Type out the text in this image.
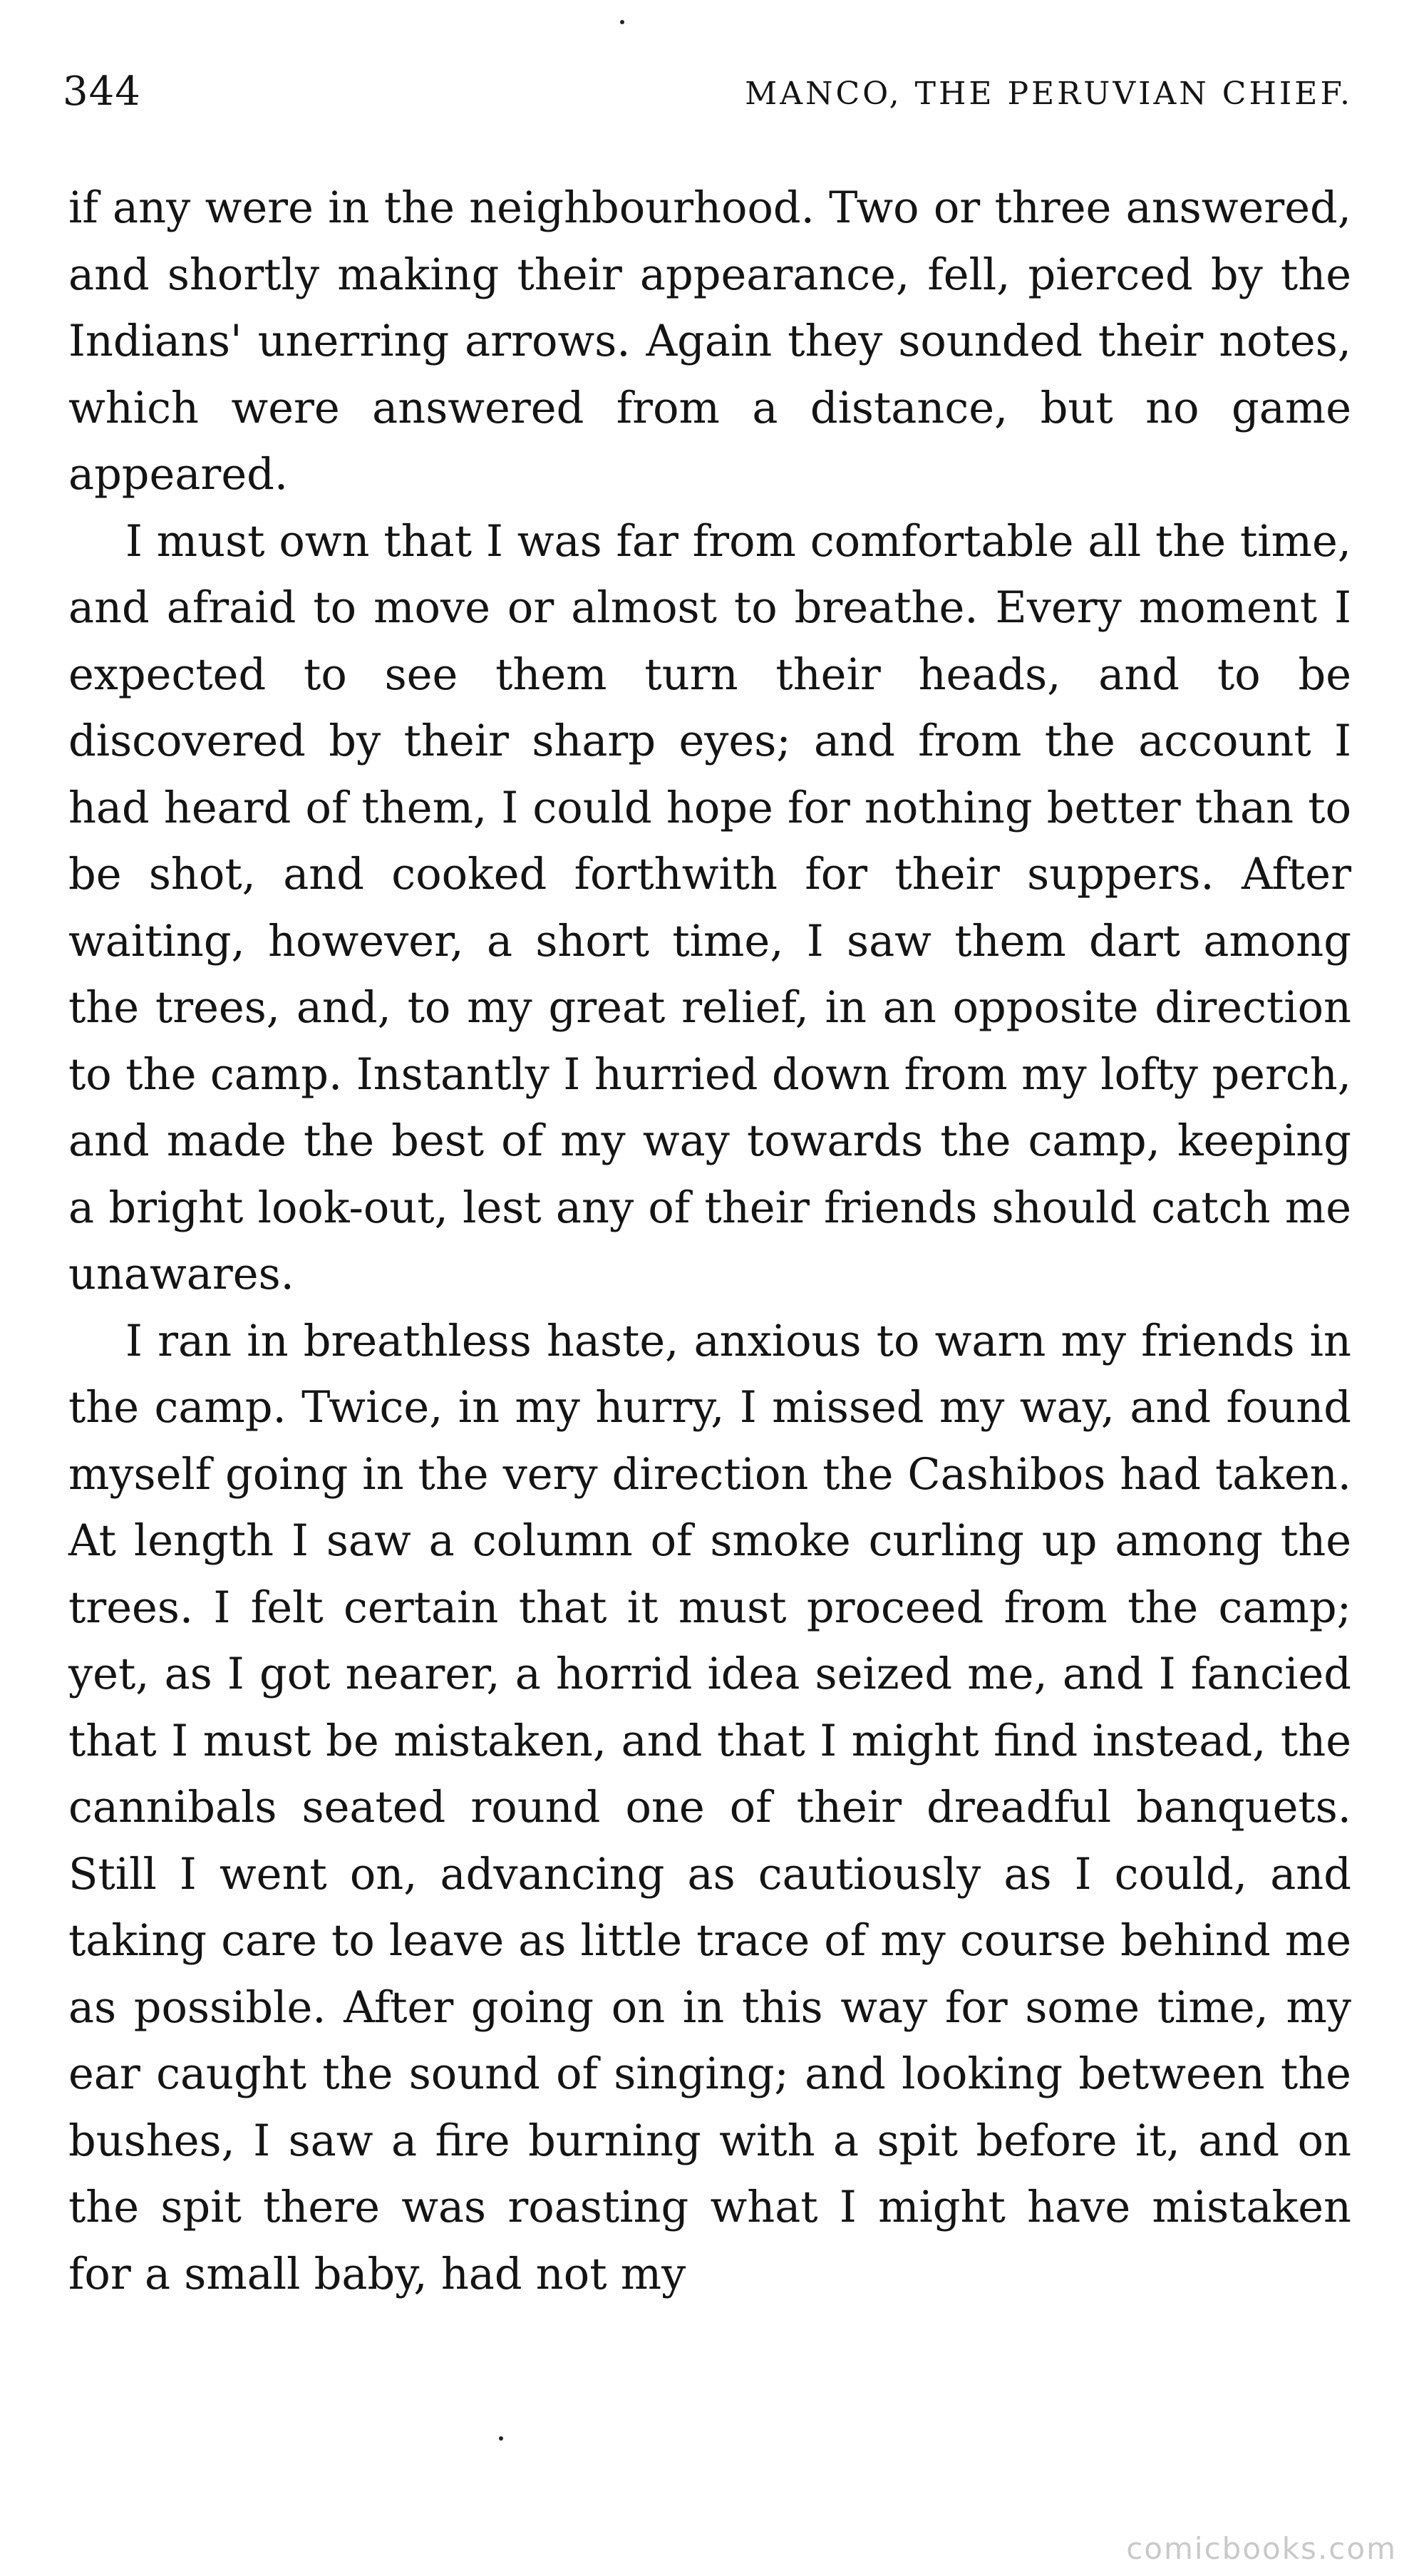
344	MANCO, THE PERUVIAN CHIEF.

if any were in the neighbourhood. Two or three answered, and shortly making their appearance, fell, pierced by the Indians' unerring arrows. Again they sounded their notes, which were answered from a distance, but no game appeared.

I must own that I was far from comfortable all the time, and afraid to move or almost to breathe. Every moment I expected to see them turn their heads, and to be discovered by their sharp eyes; and from the account I had heard of them, I could hope for nothing better than to be shot, and cooked forthwith for their suppers. After waiting, however, a short time, I saw them dart among the trees, and, to my great relief, in an opposite direction to the camp. Instantly I hurried down from my lofty perch, and made the best of my way towards the camp, keeping a bright look-out, lest any of their friends should catch me unawares.

I ran in breathless haste, anxious to warn my friends in the camp. Twice, in my hurry, I missed my way, and found myself going in the very direction the Cashibos had taken. At length I saw a column of smoke curling up among the trees. I felt certain that it must proceed from the camp; yet, as I got nearer, a horrid idea seized me, and I fancied that I must be mistaken, and that I might find instead, the cannibals seated round one of their dreadful banquets. Still I went on, advancing as cautiously as I could, and taking care to leave as little trace of my course behind me as possible. After going on in this way for some time, my ear caught the sound of singing; and looking between the bushes, I saw a fire burning with a spit before it, and on the spit there was roasting what I might have mistaken for a small baby, had not my

comicbooks.com
